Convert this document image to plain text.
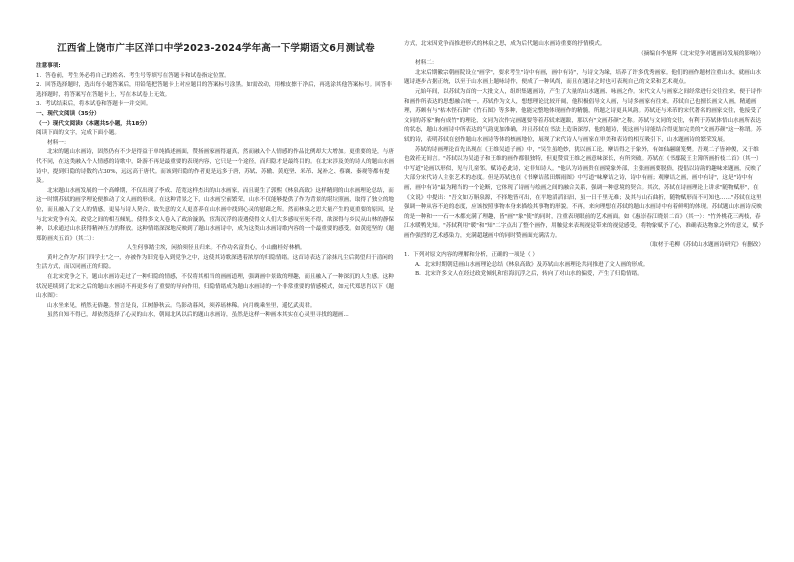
江西省上饶市广丰区洋口中学2023-2024学年高一下学期语文6月测试卷

注意事项:

1．答卷前，考生务必将自己的姓名、考生号等填写在答题卡和试卷指定位置。

2．回答选择题时，选出每小题答案后，用铅笔把答题卡上对应题目的答案标号涂黑。如需改动，用橡皮擦干净后，再选涂其他答案标号。回答非选择题时，将答案写在答题卡上，写在本试卷上无效。

3．考试结束后，将本试卷和答题卡一并交回。

一、现代文阅读（35分）

（一）现代文阅读Ⅰ（本题共5小题，共18分）

阅读下面的文字，完成下面小题。

材料一：

北宋的题山水画诗，固然仍有不少是得益于单纯描述画面，赞扬画家画得逼真，然而融入个人情感的作品比例却大大增加。更重要的是，与唐代不同，在这类融入个人情感的诗歌中，卧游不再是最重要的表现内容，它只是一个途径，而归隐才是最终目的。在北宋涉及美的诗人的题山水画诗中，提到归隐的诗数约占30%，远远高于唐代。而该到归隐的作者更是远多于唐，苏轼、苏辙、黄庭坚、米芾、晁补之、蔡襄、秦观等都有提及。

北宋题山水画发展的一个高峰期，不仅出现了李成、范宽这样杰出的山水画家，而且诞生了郭熙《林泉高致》这样精到的山水画理论总结，而这一时期苏轼的画学理论便推动了文人画的形成。在这种背景之下，山水画空前繁荣，山水不仅能够提供了作为背景的堪垃照画，取得了独立的地位，而且融入了文人的情感，更易与诗人契合。故失意的文人更喜养在山水画中找到心灵的慰藉之所。然而林泉之思大量产生的更重要的原因，是与北宋党争有关。政党之间的相互倾轧，使得多文人卷入了政治漩涡，宦海沉浮的凌遇使得文人们大多感叹至死不得，欲深得与乡民从山林的静保神，以求通过山水获得精神压力的释放。这种情绪深深地反映到了题山水画诗中，成为这类山水画诗歌内容的一个最重要的感受。如黄庭坚的《题郑防画夹五首》（其二）：

人生何事踏尘埃，闲拾须径且归来。不作功名富贵心，小山幽桂好林栖。

黄叶之作为"苏门四学士"之一，亦被作为旧党卷入到党争之中，这使其诗歌深透着浓厚的归隐情绪。这首诗表达了涂抹凡尘后渴望归于清闲的生活方式，而以同画正的归隐。

在北宋党争之下，题山水画诗走过了一种归隐的情感，不仅将其相当的画画道理，强调画中景致的理趣，而且融入了一种深沉的人生感。这种状况延续到了北宋之后的题山水画诗不再更多有了重要的导向作用，归隐情绪成为题山水画诗的一个非常重要的情感模式，如元代郑思肖以下《题山水图》：

山水坐来见，梢然无俗趣。誓言是良，江树静秋云。鸟影动暮风，须养瑶林稀。向月晚乘坐里，遥忆武夷君。

虽然自知不得已，却依然选择了心灵的山水，朝闻北风以后的题山水画诗，虽然是这样一种画本其实在心灵里寻找的题画...

方式，北宋因党争而推进形式的林泉之思，成为后代题山水画诗重要的抒情模式。

（摘编自李旭辉《北宋党争对题画诗发展的影响》）

材料二：

北宋后期徽宗朝画院设立"画学"，要求考生"诗中有画，画中有诗"，与诗文为缘，培养了许多优秀画家。他们的画作题材注重山水，就画山水题诗逐步占据正统，以至于山水画上题咏诗作，便成了一种风尚，而且在题诗之时也可表现自己的文采和艺术观点。

元始年间，以苏轼为首的一大批文人，组织集题画诗，产生了大量的山水题画、咏画之作。宋代文人与画家之间经常进行交往往来，便于诗作和画作所表达的思想融合统一。苏轼作为文人，想想理论比较开阔，他积极倡导文人画，与诗多画家有往来。苏轼自己也擅长画文人画，精通画理，苏颇有与"枯木怪石图"《竹石图》等多种，他能完整地体现画作的精髓，所题之诗更具风韵。苏轼还与米芾的宋代著名的画家交往，他接受了文同的苏家"胸有成竹"的理论，文同为次作完画题要等着苏轼来题跋，那以有"文画苏颜"之称。苏轼与文同的交往，有利于苏轼体悟山水画所表达的状态，题山水画诗中所表达的气韵更加准确，并且苏轼在书法上造诣深厚，他的题诗，使这画与诗能结合得更加完美的"文画苏颜"这一称谓。苏轼的诗，表明苏轼在创作题山水画诗等体的核画地位，展现了宋代诗人与画家在审美和表诗的相互吸引下，山水题画诗的繁荣发展。

苏轼的诗画理论首先出现在《王维吴道子画》中，"吴生虽绝妙，犹以画工论。摩诘得之于象外，有如仙翮谢笼樊。吾观二子皆神俊，又于维也敛衽无间言。"苏轼以为吴道子和王维的画作都很独特，但更赞赏王维之画意味深长，有所突破。苏轼在《书鄢陵王主簿所画折枝二首》（其一）中写道"论画以形似，见与儿童邻。赋诗必此诗，定非知诗人。"他认为诗画贵在画境象外部，主张画画要脱俗，提倡以诗韵的趣味来题画，反映了大部分宋代诗人主张艺术的态度。但是苏轼也在《书摩诘蓝田烟雨图》中写道"味摩诘之诗，诗中有画；观摩诘之画，画中有诗"，这是"诗中有画，画中有诗"最为精当的一个论断，它体现了诗画与绘画之间的融合关系，强调一种意境的契合。其次，苏轼在诗画理论上讲求"随物赋形"，在《文说》中提出："吾文如万斛泉源，不择地皆可出，在平地滔滔汩汩，虽一日千里无难；及其与山石曲折，随物赋形而不可知也……"苏轼在这里强调一种从容不迫的态度，应该按照事物本身来描绘其事物的形貌。不再，来向理想在苏轼的题山水画诗中有着鲜明的体现。苏轼题山水画诗反映的是一种和一一石一木都充满了理趣，皆"画""象"使"的同时，注重表现眼前的艺术画面。如《惠崇春江晓景二首》（其一）："竹外桃花三两枝，春江水暖鸭先知。"苏轼利用"暖"和"知"二字点出了整个画作，用触觉来表现视觉带来的视觉感受，将物象赋予了心，准确表达物象之外的意义，赋予画作强烈的艺术感染力，充满超越画中的同时赞画面充满活力。

（取材于毛柳《苏轼山水题画诗研究》有删改）

1．下列对原文内容的理解和分析，正确的一项是（ ）

A．北宋时期朝廷画山水画理论总结《林泉高致》及苏轼山水画理论共同推进了文人画的形成。

B．北宋许多文人在经过政党倾轧和宦海沉浮之后，转向了对山水的偏爱，产生了归隐情绪。
